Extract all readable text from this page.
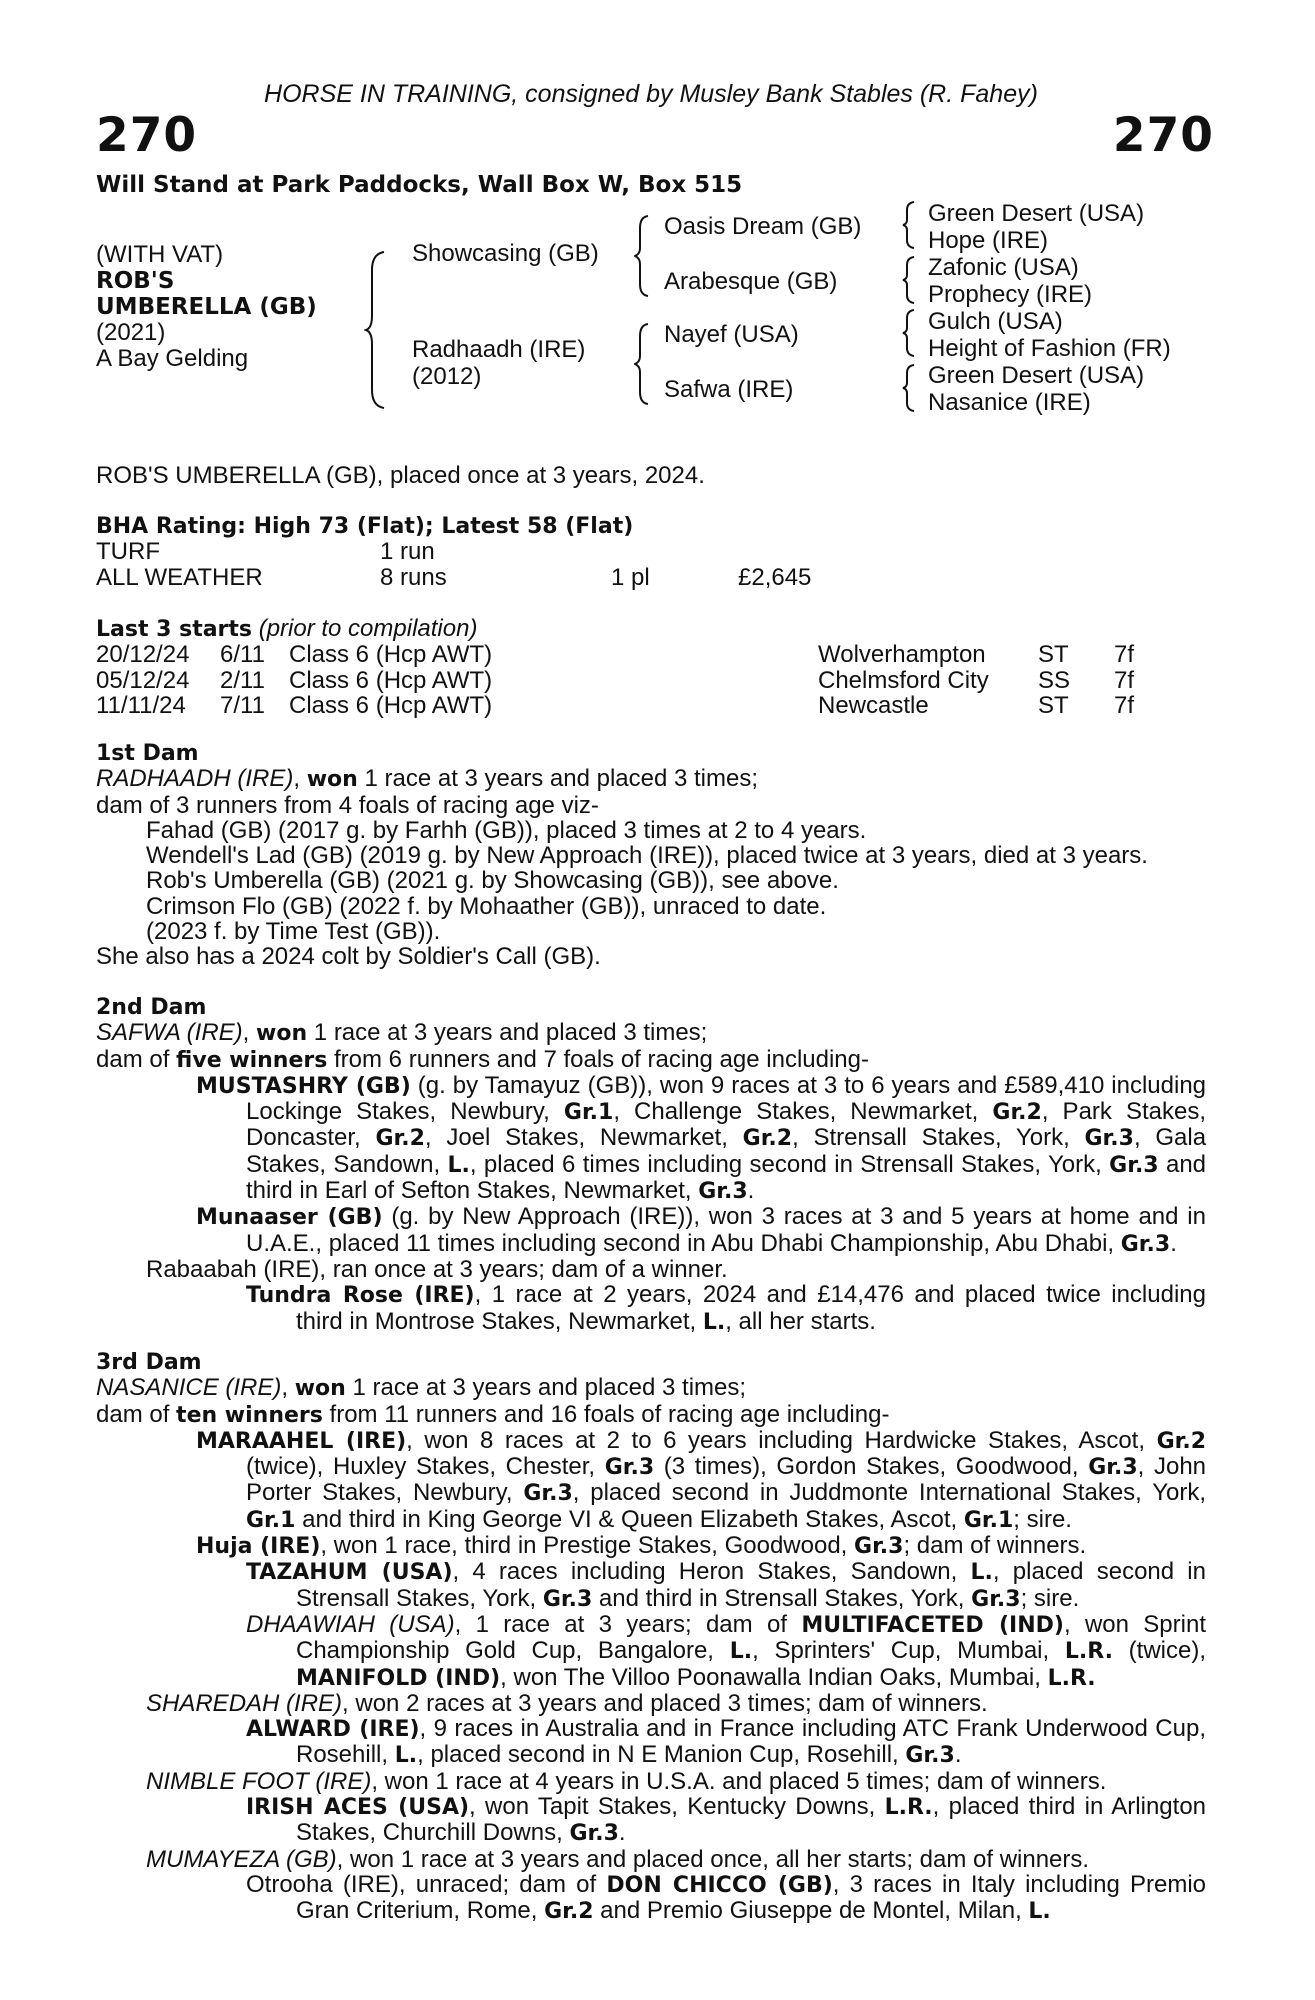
HORSE IN TRAINING, consigned by Musley Bank Stables (R. Fahey)
270	270
Will Stand at Park Paddocks, Wall Box W, Box 515
(WITH VAT)
ROB'S
UMBERELLA (GB)
(2021)
A Bay Gelding
Showcasing (GB)
Radhaadh (IRE)
(2012)
Oasis Dream (GB)
Arabesque (GB)
Nayef (USA)
Safwa (IRE)
Green Desert (USA)
Hope (IRE)
Zafonic (USA)
Prophecy (IRE)
Gulch (USA)
Height of Fashion (FR)
Green Desert (USA)
Nasanice (IRE)
ROB'S UMBERELLA (GB), placed once at 3 years, 2024.
BHA Rating: High 73 (Flat); Latest 58 (Flat)
TURF	1 run
ALL WEATHER	8 runs	1 pl	£2,645
Last 3 starts (prior to compilation)
20/12/24 6/11 Class 6 (Hcp AWT)	Wolverhampton ST 7f
05/12/24 2/11 Class 6 (Hcp AWT)	Chelmsford City SS 7f
11/11/24 7/11 Class 6 (Hcp AWT)	Newcastle	ST 7f
1st Dam
RADHAADH (IRE), won 1 race at 3 years and placed 3 times;
dam of 3 runners from 4 foals of racing age viz-
Fahad (GB) (2017 g. by Farhh (GB)), placed 3 times at 2 to 4 years.
Wendell's Lad (GB) (2019 g. by New Approach (IRE)), placed twice at 3 years, died at 3 years.
Rob's Umberella (GB) (2021 g. by Showcasing (GB)), see above.
Crimson Flo (GB) (2022 f. by Mohaather (GB)), unraced to date.
(2023 f. by Time Test (GB)).
She also has a 2024 colt by Soldier's Call (GB).
2nd Dam
SAFWA (IRE), won 1 race at 3 years and placed 3 times;
dam of five winners from 6 runners and 7 foals of racing age including-

MUSTASHRY (GB) (g. by Tamayuz (GB)), won 9 races at 3 to 6 years and £589,410 including Lockinge Stakes, Newbury, Gr.1, Challenge Stakes, Newmarket, Gr.2, Park Stakes, Doncaster, Gr.2, Joel Stakes, Newmarket, Gr.2, Strensall Stakes, York, Gr.3, Gala Stakes, Sandown, L., placed 6 times including second in Strensall Stakes, York, Gr.3 and third in Earl of Sefton Stakes, Newmarket, Gr.3.

Munaaser (GB) (g. by New Approach (IRE)), won 3 races at 3 and 5 years at home and in U.A.E., placed 11 times including second in Abu Dhabi Championship, Abu Dhabi, Gr.3.

Rabaabah (IRE), ran once at 3 years; dam of a winner.

Tundra Rose (IRE), 1 race at 2 years, 2024 and £14,476 and placed twice including third in Montrose Stakes, Newmarket, L., all her starts.

3rd Dam
NASANICE (IRE), won 1 race at 3 years and placed 3 times;
dam of ten winners from 11 runners and 16 foals of racing age including-

MARAAHEL (IRE), won 8 races at 2 to 6 years including Hardwicke Stakes, Ascot, Gr.2 (twice), Huxley Stakes, Chester, Gr.3 (3 times), Gordon Stakes, Goodwood, Gr.3, John Porter Stakes, Newbury, Gr.3, placed second in Juddmonte International Stakes, York, Gr.1 and third in King George VI & Queen Elizabeth Stakes, Ascot, Gr.1; sire.

Huja (IRE), won 1 race, third in Prestige Stakes, Goodwood, Gr.3; dam of winners.

TAZAHUM (USA), 4 races including Heron Stakes, Sandown, L., placed second in Strensall Stakes, York, Gr.3 and third in Strensall Stakes, York, Gr.3; sire.

DHAAWIAH (USA), 1 race at 3 years; dam of MULTIFACETED (IND), won Sprint Championship Gold Cup, Bangalore, L., Sprinters' Cup, Mumbai, L.R. (twice), MANIFOLD (IND), won The Villoo Poonawalla Indian Oaks, Mumbai, L.R.

SHAREDAH (IRE), won 2 races at 3 years and placed 3 times; dam of winners.

ALWARD (IRE), 9 races in Australia and in France including ATC Frank Underwood Cup, Rosehill, L., placed second in N E Manion Cup, Rosehill, Gr.3.

NIMBLE FOOT (IRE), won 1 race at 4 years in U.S.A. and placed 5 times; dam of winners.

IRISH ACES (USA), won Tapit Stakes, Kentucky Downs, L.R., placed third in Arlington Stakes, Churchill Downs, Gr.3.

MUMAYEZA (GB), won 1 race at 3 years and placed once, all her starts; dam of winners.

Otrooha (IRE), unraced; dam of DON CHICCO (GB), 3 races in Italy including Premio Gran Criterium, Rome, Gr.2 and Premio Giuseppe de Montel, Milan, L.
